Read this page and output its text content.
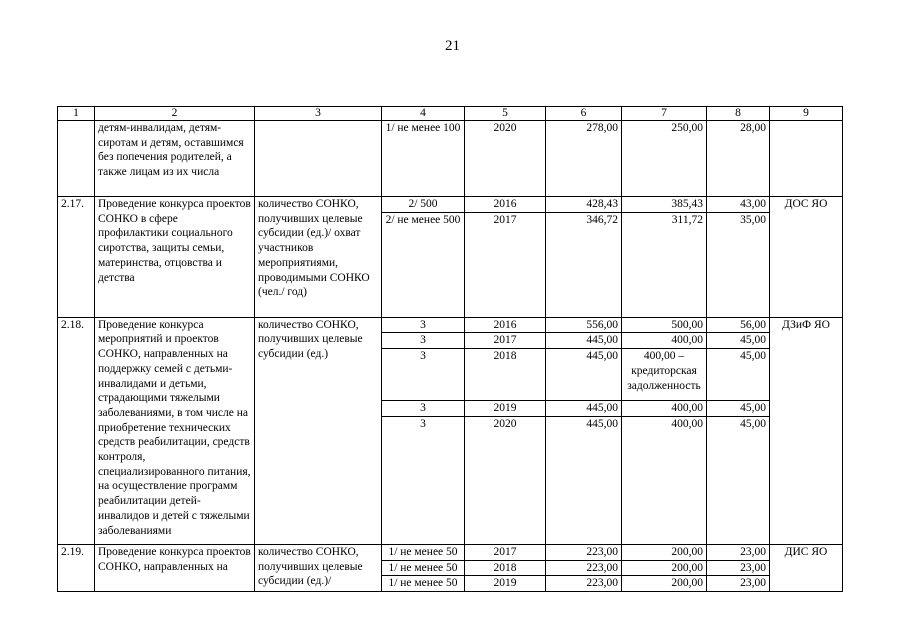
21
1	2	3	4	5	6	7	8	9
	детям-инвалидам, детям-сиротам и детям, оставшимся без попечения родителей, а также лицам из их числа		1/ не менее 100	2020	278,00	250,00	28,00	
2.17.	Проведение конкурса проектов СОНКО в сфере профилактики социального сиротства, защиты семьи, материнства, отцовства и детства	количество СОНКО, получивших целевые субсидии (ед.)/ охват участников мероприятиями, проводимыми СОНКО (чел./ год)	2/ 500	2016	428,43	385,43	43,00	ДОС ЯО
			2/ не менее 500	2017	346,72	311,72	35,00	
2.18.	Проведение конкурса мероприятий и проектов СОНКО, направленных на поддержку семей с детьми-инвалидами и детьми, страдающими тяжелыми заболеваниями, в том числе на приобретение технических средств реабилитации, средств контроля, специализированного питания, на осуществление программ реабилитации детей-инвалидов и детей с тяжелыми заболеваниями	количество СОНКО, получивших целевые субсидии (ед.)	3	2016	556,00	500,00	56,00	ДЗиФ ЯО
			3	2017	445,00	400,00	45,00	
			3	2018	445,00	400,00 – кредиторская задолженность	45,00	
			3	2019	445,00	400,00	45,00	
			3	2020	445,00	400,00	45,00	
2.19.	Проведение конкурса проектов СОНКО, направленных на	количество СОНКО, получивших целевые субсидии (ед.)/	1/ не менее 50	2017	223,00	200,00	23,00	ДИС ЯО
			1/ не менее 50	2018	223,00	200,00	23,00	
			1/ не менее 50	2019	223,00	200,00	23,00	
